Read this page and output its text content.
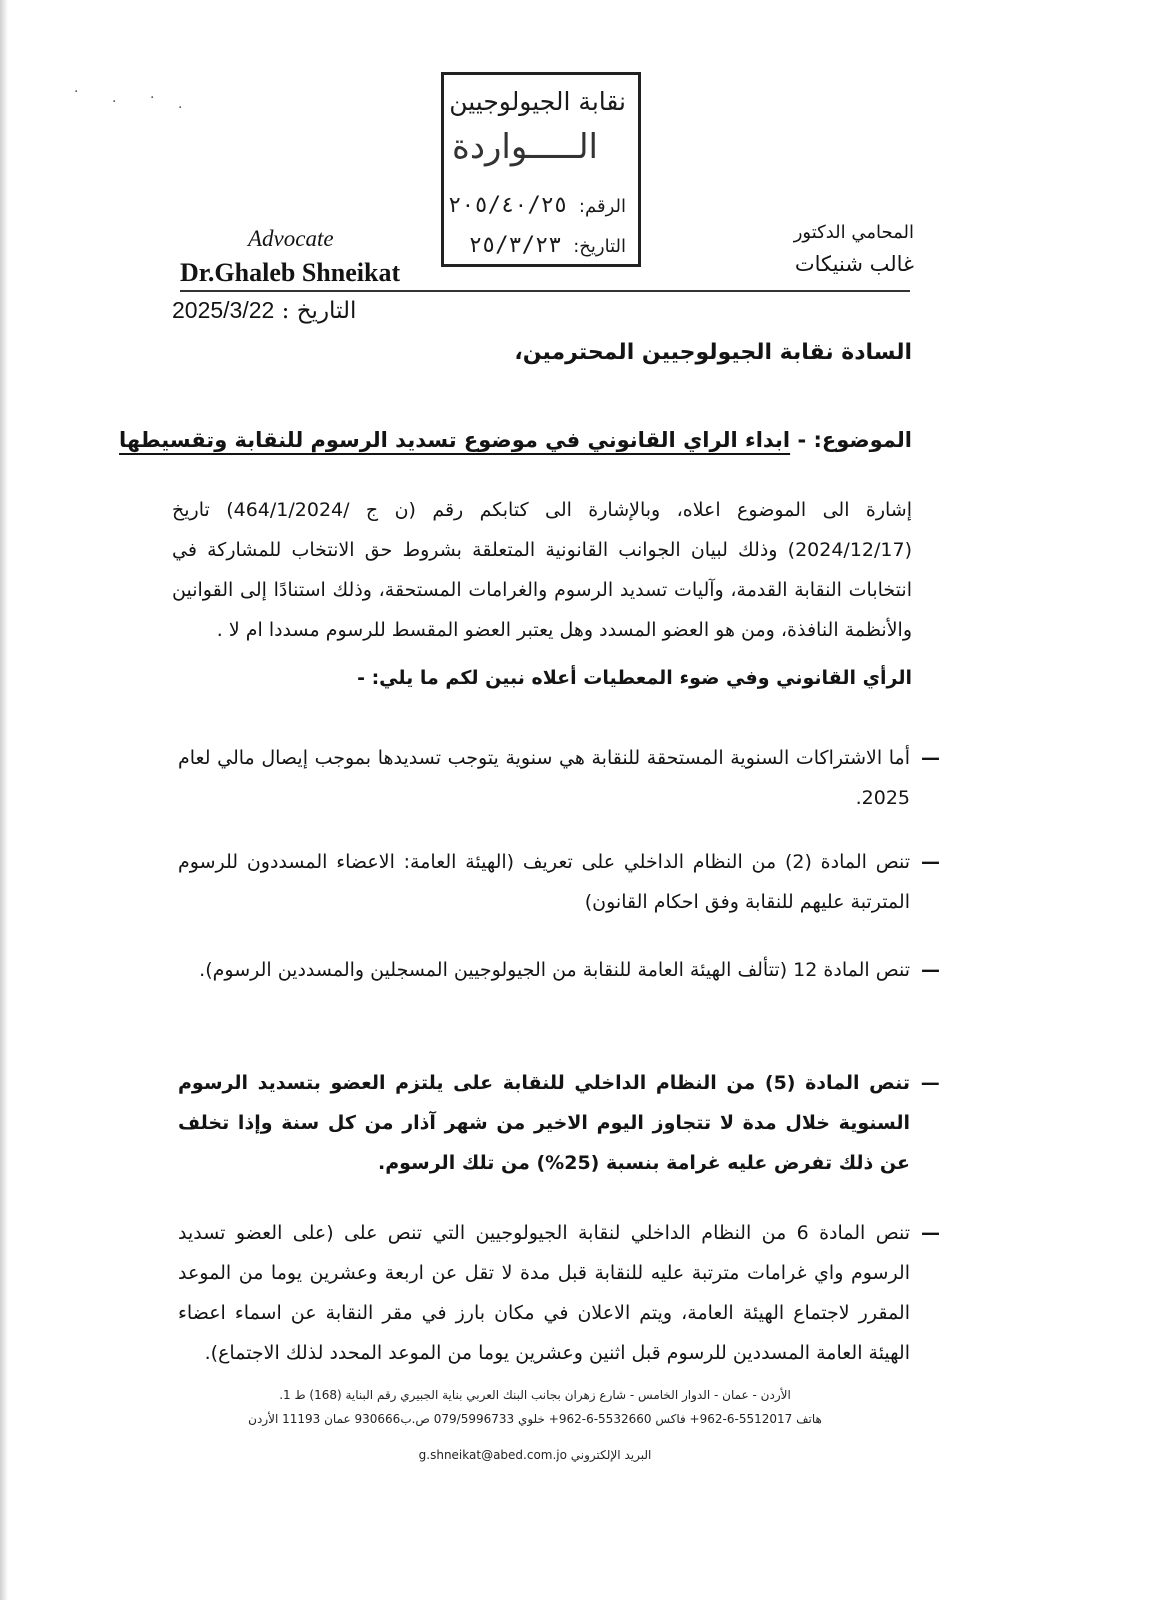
·
· ·
·	نقابة الجيولوجيين
الـــــواردة
الرقم: ٢٠٥/٤٠/٢٥
التاريخ: ٢٥/٣/٢٣
Advocate
Dr.Ghaleb Shneikat
المحامي الدكتور
غالب شنيكات
التاريخ : 2025/3/22
السادة نقابة الجيولوجيين المحترمين،
الموضوع: - ابداء الراي القانوني في موضوع تسديد الرسوم للنقابة وتقسيطها
إشارة الى الموضوع اعلاه، وبالإشارة الى كتابكم رقم (ن ج /464/1/2024) تاريخ (2024/12/17) وذلك لبيان الجوانب القانونية المتعلقة بشروط حق الانتخاب للمشاركة في انتخابات النقابة القدمة، وآليات تسديد الرسوم والغرامات المستحقة، وذلك استنادًا إلى القوانين والأنظمة النافذة، ومن هو العضو المسدد وهل يعتبر العضو المقسط للرسوم مسددا ام لا .
الرأي القانوني وفي ضوء المعطيات أعلاه نبين لكم ما يلي: -
—
أما الاشتراكات السنوية المستحقة للنقابة هي سنوية يتوجب تسديدها بموجب إيصال مالي لعام 2025.
—
تنص المادة (2) من النظام الداخلي على تعريف (الهيئة العامة: الاعضاء المسددون للرسوم المترتبة عليهم للنقابة وفق احكام القانون)
—
تنص المادة 12 (تتألف الهيئة العامة للنقابة من الجيولوجيين المسجلين والمسددين الرسوم).
—
تنص المادة (5) من النظام الداخلي للنقابة على يلتزم العضو بتسديد الرسوم السنوية خلال مدة لا تتجاوز اليوم الاخير من شهر آذار من كل سنة وإذا تخلف عن ذلك تفرض عليه غرامة بنسبة (25%) من تلك الرسوم.
—
تنص المادة 6 من النظام الداخلي لنقابة الجيولوجيين التي تنص على (على العضو تسديد الرسوم واي غرامات مترتبة عليه للنقابة قبل مدة لا تقل عن اربعة وعشرين يوما من الموعد المقرر لاجتماع الهيئة العامة، ويتم الاعلان في مكان بارز في مقر النقابة عن اسماء اعضاء الهيئة العامة المسددين للرسوم قبل اثنين وعشرين يوما من الموعد المحدد لذلك الاجتماع).
الأردن - عمان - الدوار الخامس - شارع زهران بجانب البنك العربي بناية الجبيري رقم البناية (168) ط 1.
هاتف 5512017-6-962+ فاكس 5532660-6-962+ خلوي 079/5996733 ص.ب930666 عمان 11193 الأردن
البريد الإلكتروني g.shneikat@abed.com.jo
